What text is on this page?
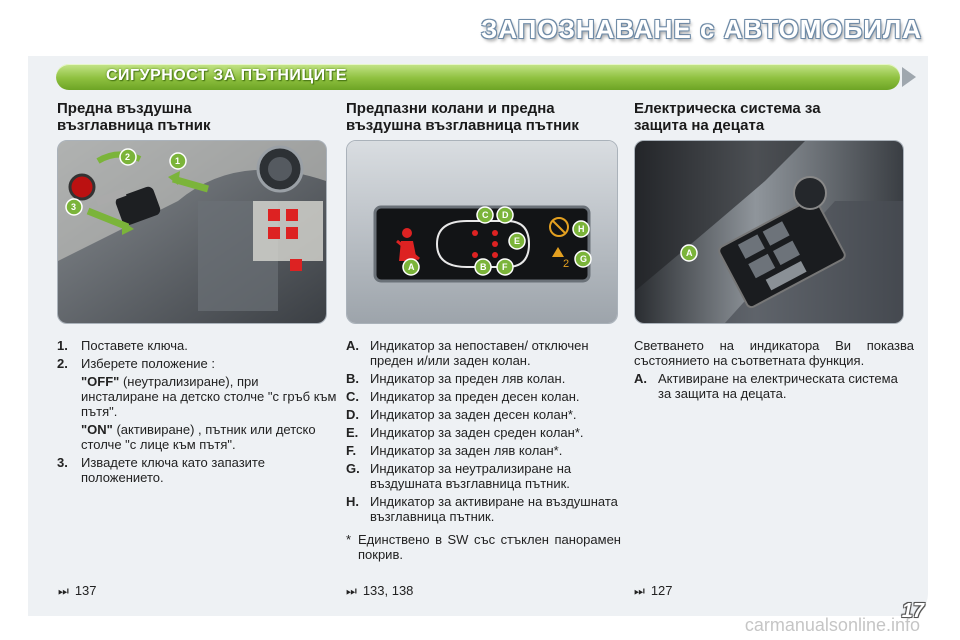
ЗАПОЗНАВАНЕ с АВТОМОБИЛА
СИГУРНОСТ ЗА ПЪТНИЦИТЕ
Предна въздушна
възглавница пътник
2	1
3
1. Поставете ключа.
2. Изберете положение :
"OFF" (неутрализиране), при инсталиране на детско столче "с гръб към пътя".
"ON" (активиране) , пътник или детско столче "с лице към пътя".
3. Извадете ключа като запазите положението.
Предпазни колани и предна
въздушна възглавница пътник
2
A	B
C D
E
F
G
H
A. Индикатор за непоставен/ отключен преден и/или заден колан.
B. Индикатор за преден ляв колан.
C. Индикатор за преден десен колан.
D. Индикатор за заден десен колан*.
E. Индикатор за заден среден колан*.
F. Индикатор за заден ляв колан*.
G. Индикатор за неутрализиране на въздушната възглавница пътник.
H. Индикатор за активиране на въздушната възглавница пътник.
* Единствено в SW със стъклен панорамен покрив.
Електрическа система за
защита на децата
A
Светването на индикатора Ви показва състоянието на съответната функция.
A. Активиране на електрическата система за защита на децата.
⏭ 137	⏭ 133, 138	⏭ 127
17
carmanualsonline.info
